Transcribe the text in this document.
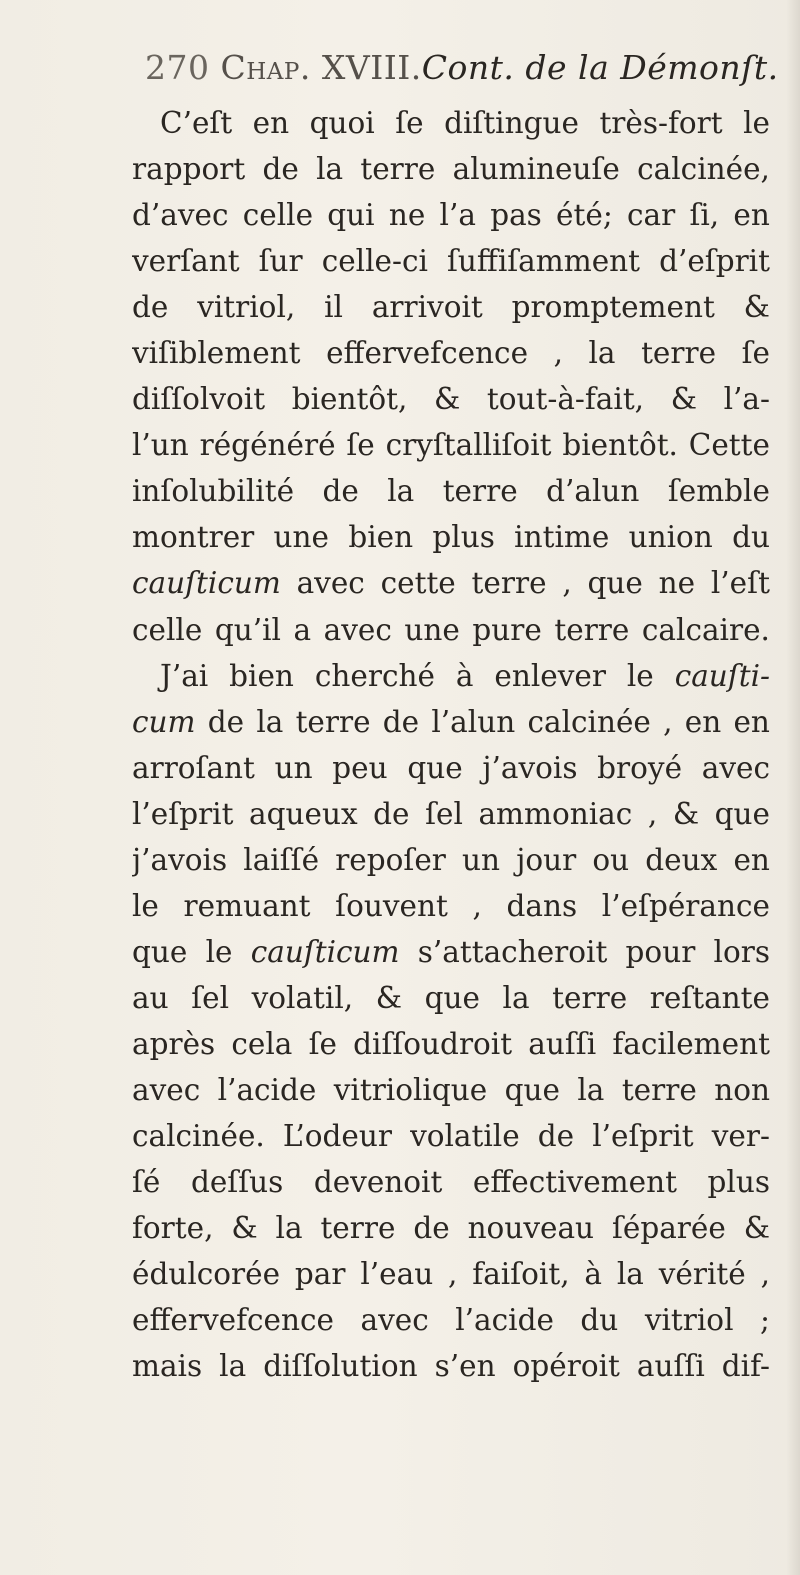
270 Chap. XVIII.Cont. de la Démonſt.
C’eſt en quoi ſe diſtingue très-fort le
rapport de la terre alumineuſe calcinée,
d’avec celle qui ne l’a pas été; car ſi, en
verſant ſur celle-ci ſuffiſamment d’eſprit
de vitriol, il arrivoit promptement &
viſiblement effervefcence , la terre ſe
diſſolvoit bientôt, & tout-à-fait, & l’a-
l’un régénéré ſe cryſtalliſoit bientôt. Cette
inſolubilité de la terre d’alun ſemble
montrer une bien plus intime union du
cauſticum avec cette terre , que ne l’eſt
celle qu’il a avec une pure terre calcaire.
J’ai bien cherché à enlever le cauſti-
cum de la terre de l’alun calcinée , en en
arroſant un peu que j’avois broyé avec
l’eſprit aqueux de ſel ammoniac , & que
j’avois laiſſé repoſer un jour ou deux en
le remuant ſouvent , dans l’eſpérance
que le cauſticum s’attacheroit pour lors
au ſel volatil, & que la terre reſtante
après cela ſe diſſoudroit auſſi facilement
avec l’acide vitriolique que la terre non
calcinée. L’odeur volatile de l’eſprit ver-
ſé deſſus devenoit effectivement plus
forte, & la terre de nouveau ſéparée &
édulcorée par l’eau , faiſoit, à la vérité ,
effervefcence avec l’acide du vitriol ;
mais la diſſolution s’en opéroit auſſi dif-
